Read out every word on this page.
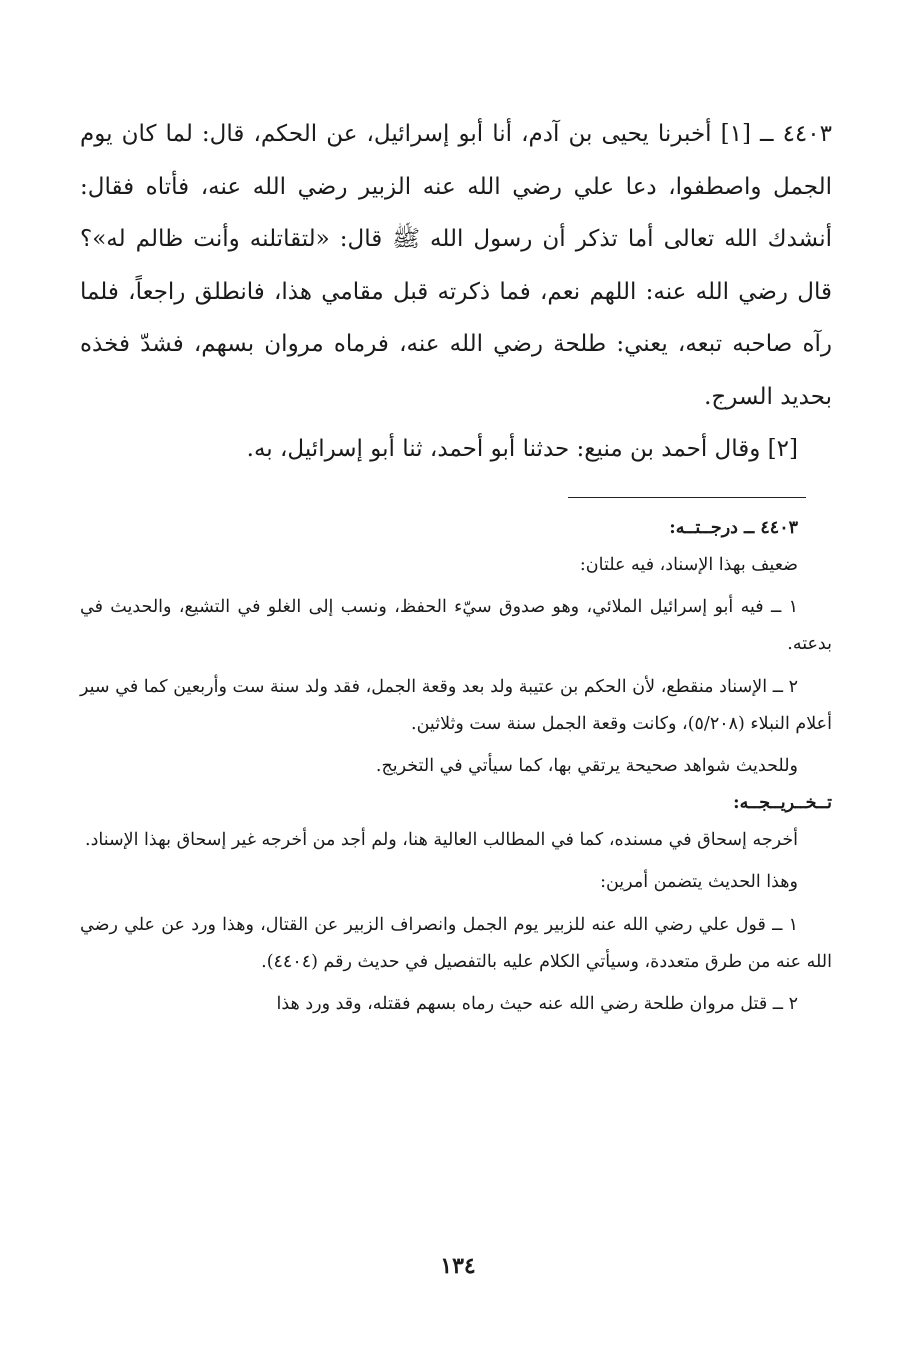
٤٤٠٣ ــ [١] أخبرنا يحيى بن آدم، أنا أبو إسرائيل، عن الحكم، قال: لما كان يوم الجمل واصطفوا، دعا علي رضي الله عنه الزبير رضي الله عنه، فأتاه فقال: أنشدك الله تعالى أما تذكر أن رسول الله ﷺ قال: «لتقاتلنه وأنت ظالم له»؟ قال رضي الله عنه: اللهم نعم، فما ذكرته قبل مقامي هذا، فانطلق راجعاً، فلما رآه صاحبه تبعه، يعني: طلحة رضي الله عنه، فرماه مروان بسهم، فشدّ فخذه بحديد السرج.

[٢] وقال أحمد بن منيع: حدثنا أبو أحمد، ثنا أبو إسرائيل، به.

٤٤٠٣ ــ درجــتــه:

ضعيف بهذا الإسناد، فيه علتان:

١ ــ فيه أبو إسرائيل الملائي، وهو صدوق سيّء الحفظ، ونسب إلى الغلو في التشيع، والحديث في بدعته.

٢ ــ الإسناد منقطع، لأن الحكم بن عتيبة ولد بعد وقعة الجمل، فقد ولد سنة ست وأربعين كما في سير أعلام النبلاء (٥/٢٠٨)، وكانت وقعة الجمل سنة ست وثلاثين.

وللحديث شواهد صحيحة يرتقي بها، كما سيأتي في التخريج.

تــخــريــجــه:

أخرجه إسحاق في مسنده، كما في المطالب العالية هنا، ولم أجد من أخرجه غير إسحاق بهذا الإسناد.

وهذا الحديث يتضمن أمرين:

١ ــ قول علي رضي الله عنه للزبير يوم الجمل وانصراف الزبير عن القتال، وهذا ورد عن علي رضي الله عنه من طرق متعددة، وسيأتي الكلام عليه بالتفصيل في حديث رقم (٤٤٠٤).

٢ ــ قتل مروان طلحة رضي الله عنه حيث رماه بسهم فقتله، وقد ورد هذا

١٣٤
